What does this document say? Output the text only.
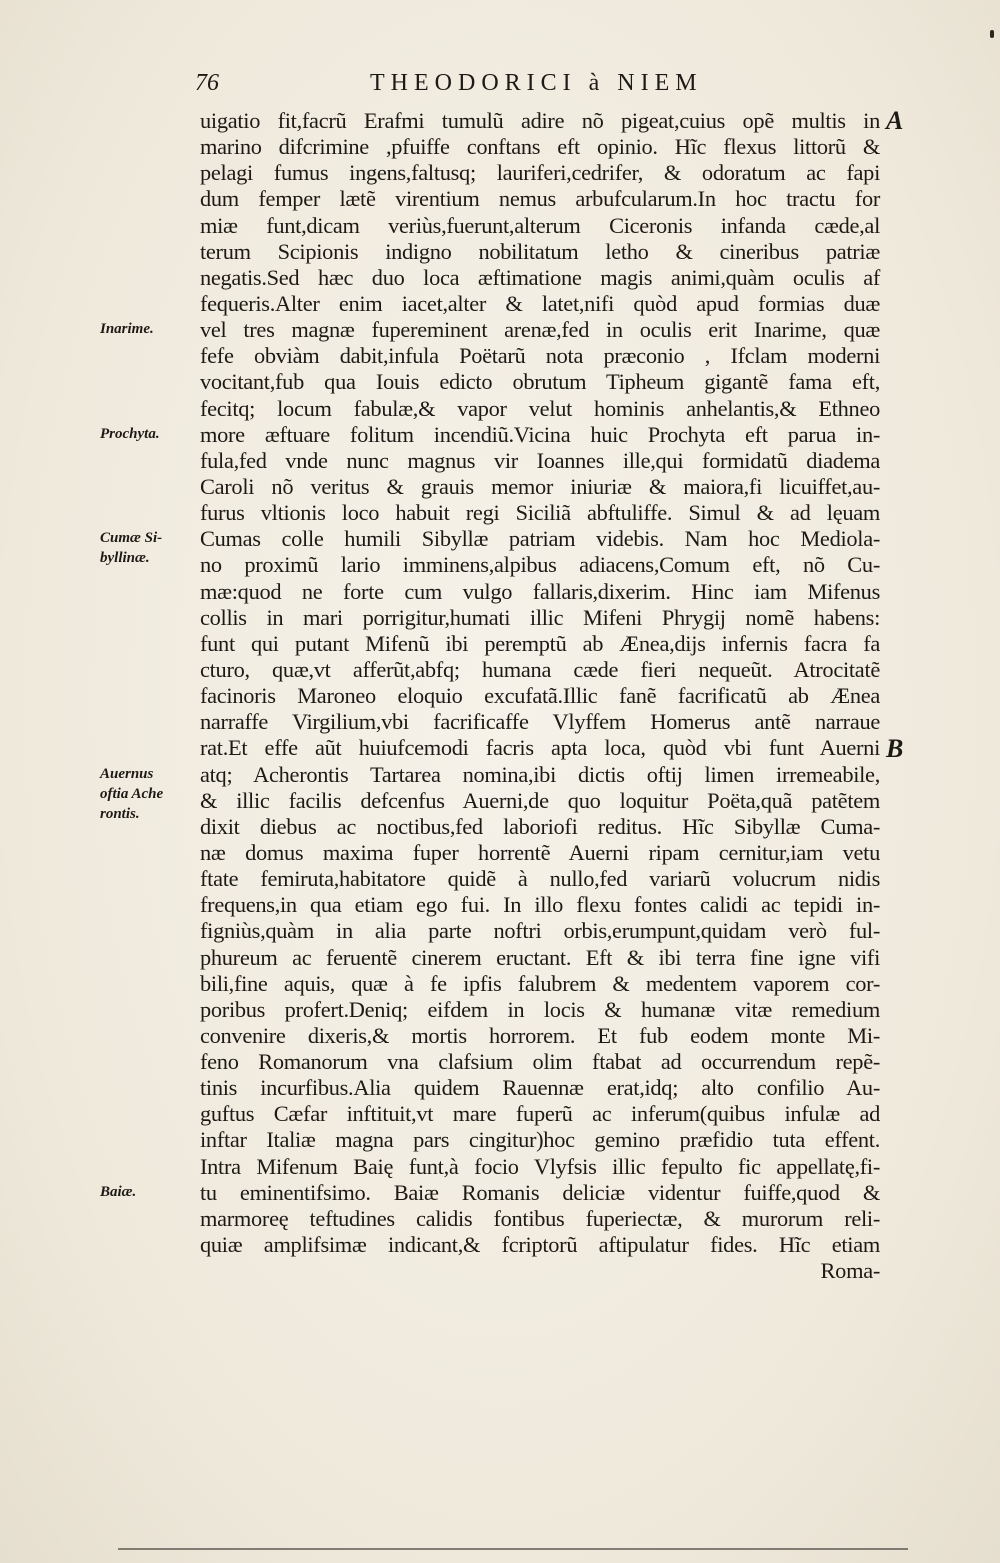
76	THEODORICI à NIEM
uigatio fit,facrũ Erafmi tumulũ adire nõ pigeat,cuius opẽ multis in
marino difcrimine ,pfuiffe conftans eft opinio. Hĩc flexus littorũ &
pelagi fumus ingens,faltusq; lauriferi,cedrifer, & odoratum ac fapi
dum femper lætẽ virentium nemus arbufcularum.In hoc tractu for
miæ funt,dicam veriùs,fuerunt,alterum Ciceronis infanda cæde,al
terum Scipionis indigno nobilitatum letho & cineribus patriæ
negatis.Sed hæc duo loca æftimatione magis animi,quàm oculis af
fequeris.Alter enim iacet,alter & latet,nifi quòd apud formias duæ
vel tres magnæ fupereminent arenæ,fed in oculis erit Inarime, quæ
fefe obviàm dabit,infula Poëtarũ nota præconio , Ifclam moderni
vocitant,fub qua Iouis edicto obrutum Tipheum gigantẽ fama eft,
fecitq; locum fabulæ,& vapor velut hominis anhelantis,& Ethneo
more æftuare folitum incendiũ.Vicina huic Prochyta eft parua in-
fula,fed vnde nunc magnus vir Ioannes ille,qui formidatũ diadema
Caroli nõ veritus & grauis memor iniuriæ & maiora,fi licuiffet,au-
furus vltionis loco habuit regi Siciliã abftuliffe. Simul & ad lęuam
Cumas colle humili Sibyllæ patriam videbis. Nam hoc Mediola-
no proximũ lario imminens,alpibus adiacens,Comum eft, nõ Cu-
mæ:quod ne forte cum vulgo fallaris,dixerim. Hinc iam Mifenus
collis in mari porrigitur,humati illic Mifeni Phrygij nomẽ habens:
funt qui putant Mifenũ ibi peremptũ ab Æneа,dijs infernis facra fa
cturo, quæ,vt afferũt,abfq; humana cæde fieri nequeũt. Atrocitatẽ
facinoris Maroneo eloquio excufatã.Illic fanẽ facrificatũ ab Ænea
narraffe Virgilium,vbi facrificaffe Vlyffem Homerus antẽ narraue
rat.Et effe aũt huiufcemodi facris apta loca, quòd vbi funt Auerni
atq; Acherontis Tartarea nomina,ibi dictis oftij limen irremeabile,
& illic facilis defcenfus Auerni,de quo loquitur Poëta,quã patẽtem
dixit diebus ac noctibus,fed laboriofi reditus. Hĩc Sibyllæ Cuma-
næ domus maxima fuper horrentẽ Auerni ripam cernitur,iam vetu
ftate femiruta,habitatore quidẽ à nullo,fed variarũ volucrum nidis
frequens,in qua etiam ego fui. In illo flexu fontes calidi ac tepidi in-
figniùs,quàm in alia parte noftri orbis,erumpunt,quidam verò ful-
phureum ac feruentẽ cinerem eructant. Eft & ibi terra fine igne vifi
bili,fine aquis, quæ à fe ipfis falubrem & medentem vaporem cor-
poribus profert.Deniq; eifdem in locis & humanæ vitæ remedium
convenire dixeris,& mortis horrorem. Et fub eodem monte Mi-
feno Romanorum vna clafsium olim ftabat ad occurrendum repẽ-
tinis incurfibus.Alia quidem Rauennæ erat,idq; alto confilio Au-
guftus Cæfar inftituit,vt mare fuperũ ac inferum(quibus infulæ ad
inftar Italiæ magna pars cingitur)hoc gemino præfidio tuta effent.
Intra Mifenum Baię funt,à focio Vlyfsis illic fepulto fic appellatę,fi-
tu eminentifsimo. Baiæ Romanis deliciæ videntur fuiffe,quod &
marmoreę teftudines calidis fontibus fuperiectæ, & murorum reli-
quiæ amplifsimæ indicant,& fcriptorũ aftipulatur fides. Hĩc etiam
Roma-
Inarime.
Prochyta.
Cumæ Si-
byllinæ.
Auernus
oftia Ache
rontis.
Baiæ.
A
B
